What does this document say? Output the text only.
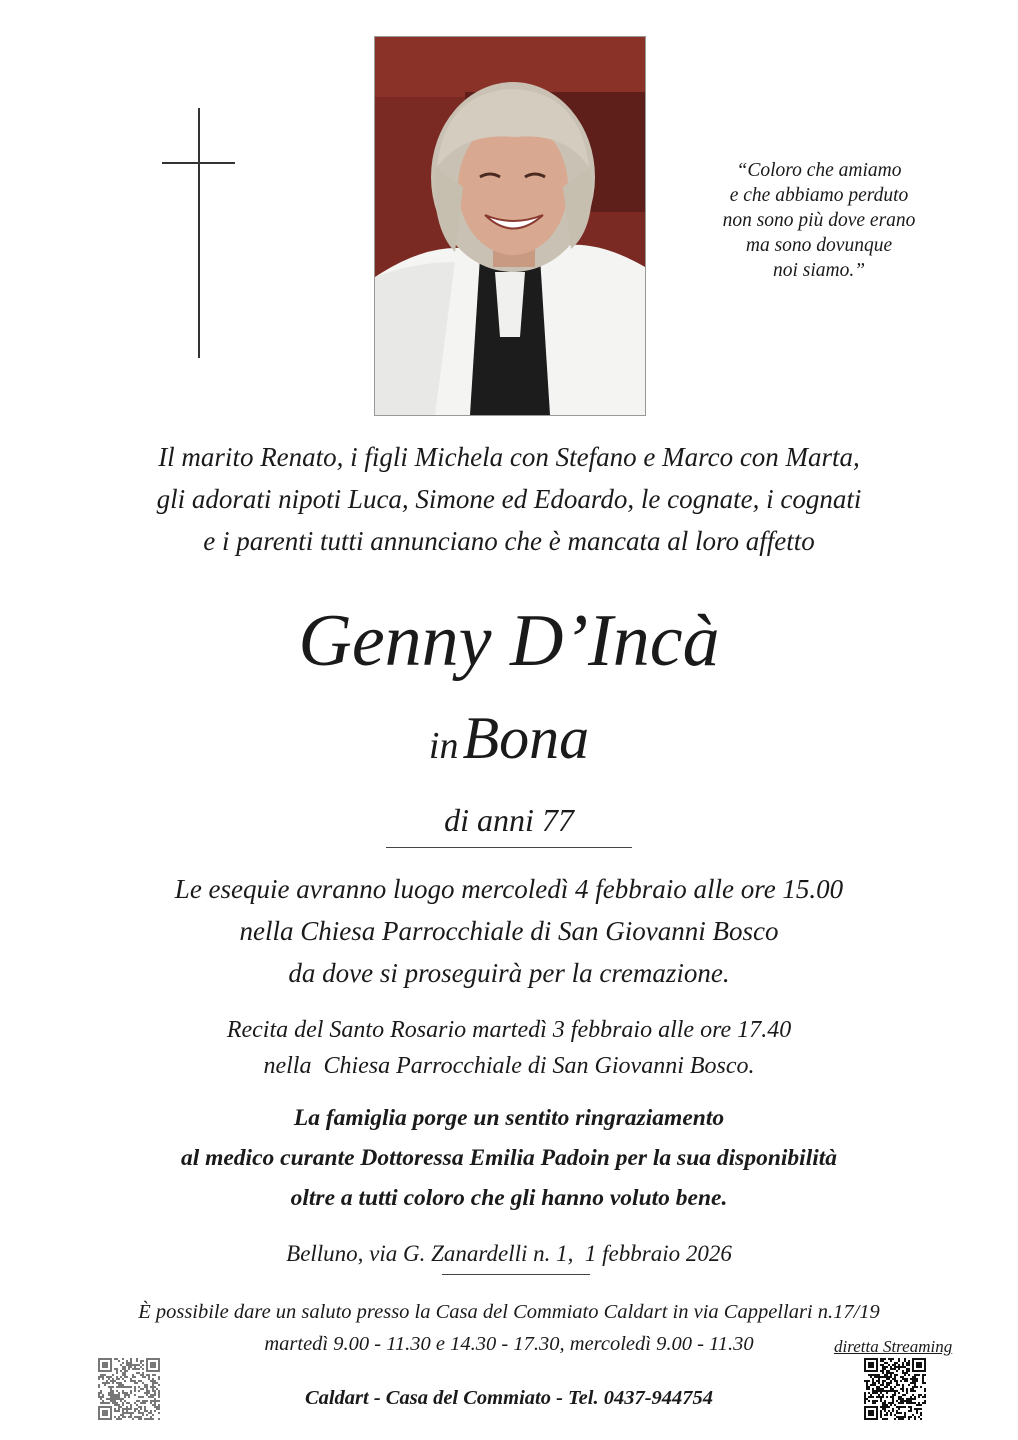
“Coloro che amiamo
e che abbiamo perduto
non sono più dove erano
ma sono dovunque
noi siamo.”
Il marito Renato, i figli Michela con Stefano e Marco con Marta,
gli adorati nipoti Luca, Simone ed Edoardo, le cognate, i cognati
e i parenti tutti annunciano che è mancata al loro affetto
Genny D’Incà
in Bona
di anni 77
Le esequie avranno luogo mercoledì 4 febbraio alle ore 15.00
nella Chiesa Parrocchiale di San Giovanni Bosco
da dove si proseguirà per la cremazione.
Recita del Santo Rosario martedì 3 febbraio alle ore 17.40
nella  Chiesa Parrocchiale di San Giovanni Bosco.
La famiglia porge un sentito ringraziamento
al medico curante Dottoressa Emilia Padoin per la sua disponibilità
oltre a tutti coloro che gli hanno voluto bene.
Belluno, via G. Zanardelli n. 1,  1 febbraio 2026
È possibile dare un saluto presso la Casa del Commiato Caldart in via Cappellari n.17/19
martedì 9.00 - 11.30 e 14.30 - 17.30, mercoledì 9.00 - 11.30	diretta Streaming
Caldart - Casa del Commiato - Tel. 0437-944754
